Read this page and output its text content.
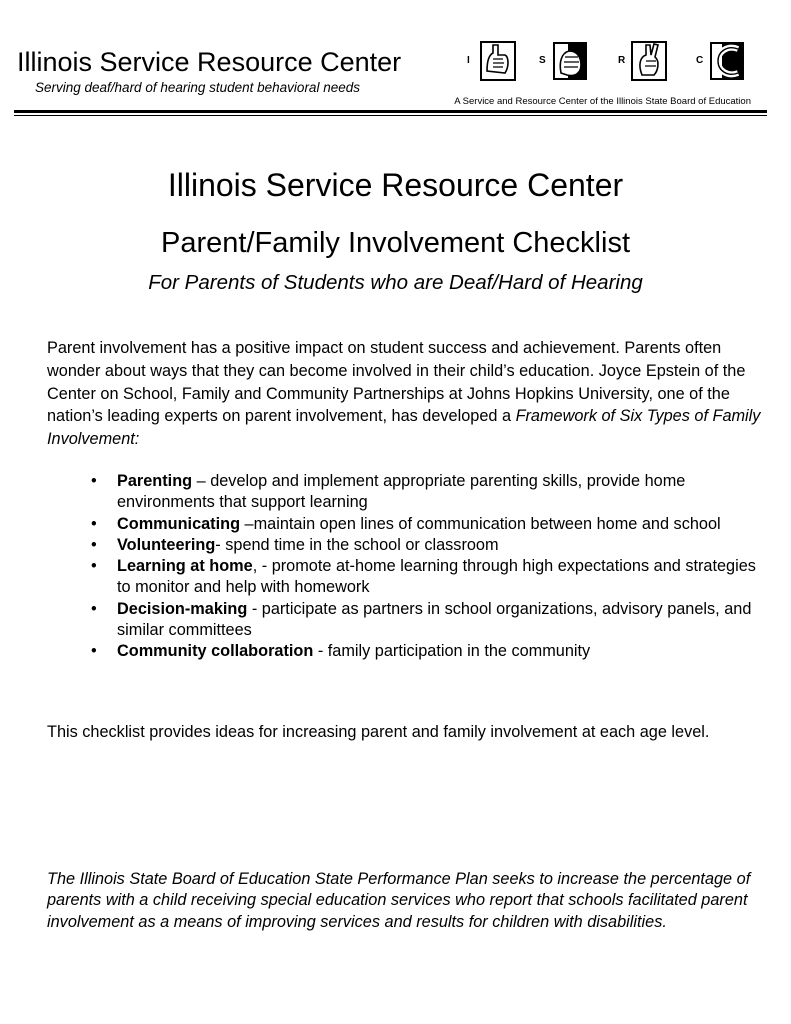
Illinois Service Resource Center
Serving deaf/hard of hearing student behavioral needs
I	S	R	C
A Service and Resource Center of the Illinois State Board of Education
Illinois Service Resource Center
Parent/Family Involvement Checklist
For Parents of Students who are Deaf/Hard of Hearing
Parent involvement has a positive impact on student success and achievement. Parents often wonder about ways that they can become involved in their child’s education. Joyce Epstein of the Center on School, Family and Community Partnerships at Johns Hopkins University, one of the nation’s leading experts on parent involvement, has developed a Framework of Six Types of Family Involvement:
• Parenting – develop and implement appropriate parenting skills, provide home environments that support learning
• Communicating –maintain open lines of communication between home and school
• Volunteering- spend time in the school or classroom
• Learning at home, - promote at-home learning through high expectations and strategies to monitor and help with homework
• Decision-making - participate as partners in school organizations, advisory panels, and similar committees
• Community collaboration - family participation in the community
This checklist provides ideas for increasing parent and family involvement at each age level.
The Illinois State Board of Education State Performance Plan seeks to increase the percentage of parents with a child receiving special education services who report that schools facilitated parent involvement as a means of improving services and results for children with disabilities.
